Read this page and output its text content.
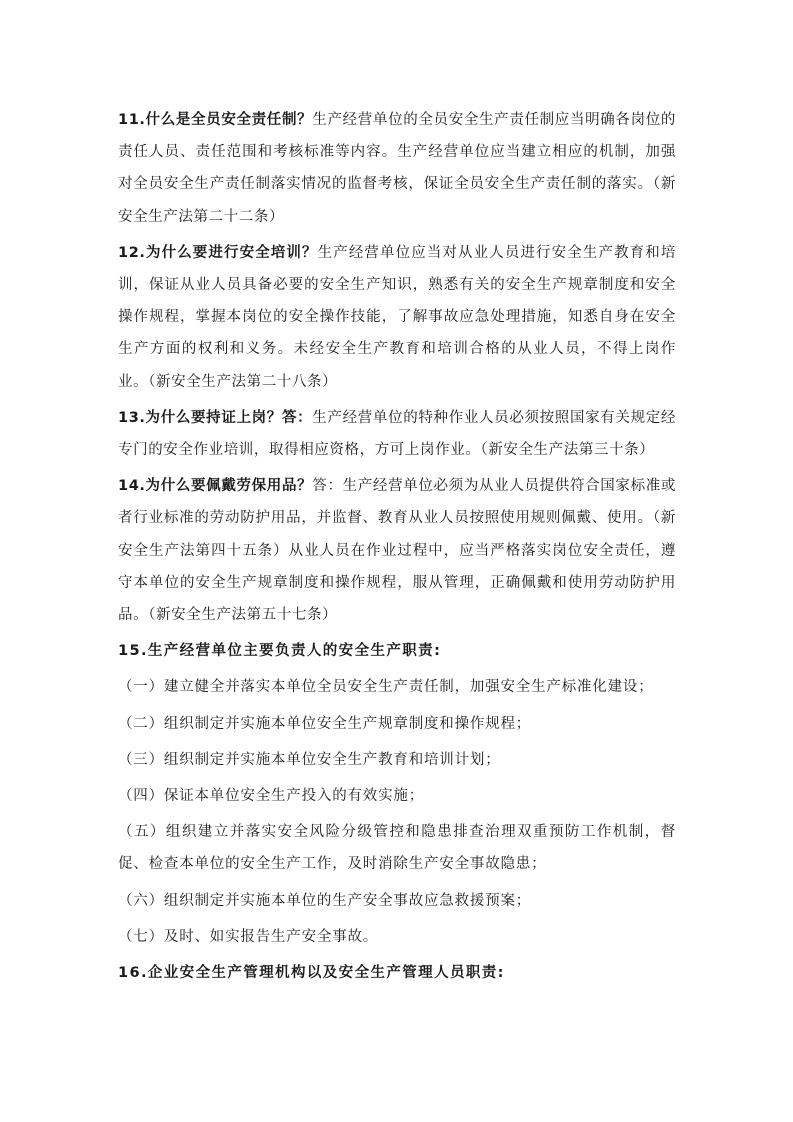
11.什么是全员安全责任制？生产经营单位的全员安全生产责任制应当明确各岗位的责任人员、责任范围和考核标准等内容。生产经营单位应当建立相应的机制，加强对全员安全生产责任制落实情况的监督考核，保证全员安全生产责任制的落实。（新安全生产法第二十二条）

12.为什么要进行安全培训？生产经营单位应当对从业人员进行安全生产教育和培训，保证从业人员具备必要的安全生产知识，熟悉有关的安全生产规章制度和安全操作规程，掌握本岗位的安全操作技能，了解事故应急处理措施，知悉自身在安全生产方面的权利和义务。未经安全生产教育和培训合格的从业人员，不得上岗作业。（新安全生产法第二十八条）

13.为什么要持证上岗？答：生产经营单位的特种作业人员必须按照国家有关规定经专门的安全作业培训，取得相应资格，方可上岗作业。（新安全生产法第三十条）

14.为什么要佩戴劳保用品？答：生产经营单位必须为从业人员提供符合国家标准或者行业标准的劳动防护用品，并监督、教育从业人员按照使用规则佩戴、使用。（新安全生产法第四十五条）从业人员在作业过程中，应当严格落实岗位安全责任，遵守本单位的安全生产规章制度和操作规程，服从管理，正确佩戴和使用劳动防护用品。（新安全生产法第五十七条）

15.生产经营单位主要负责人的安全生产职责:

（一）建立健全并落实本单位全员安全生产责任制，加强安全生产标准化建设；

（二）组织制定并实施本单位安全生产规章制度和操作规程；

（三）组织制定并实施本单位安全生产教育和培训计划；

（四）保证本单位安全生产投入的有效实施；

（五）组织建立并落实安全风险分级管控和隐患排查治理双重预防工作机制，督促、检查本单位的安全生产工作，及时消除生产安全事故隐患；

（六）组织制定并实施本单位的生产安全事故应急救援预案；

（七）及时、如实报告生产安全事故。

16.企业安全生产管理机构以及安全生产管理人员职责:
